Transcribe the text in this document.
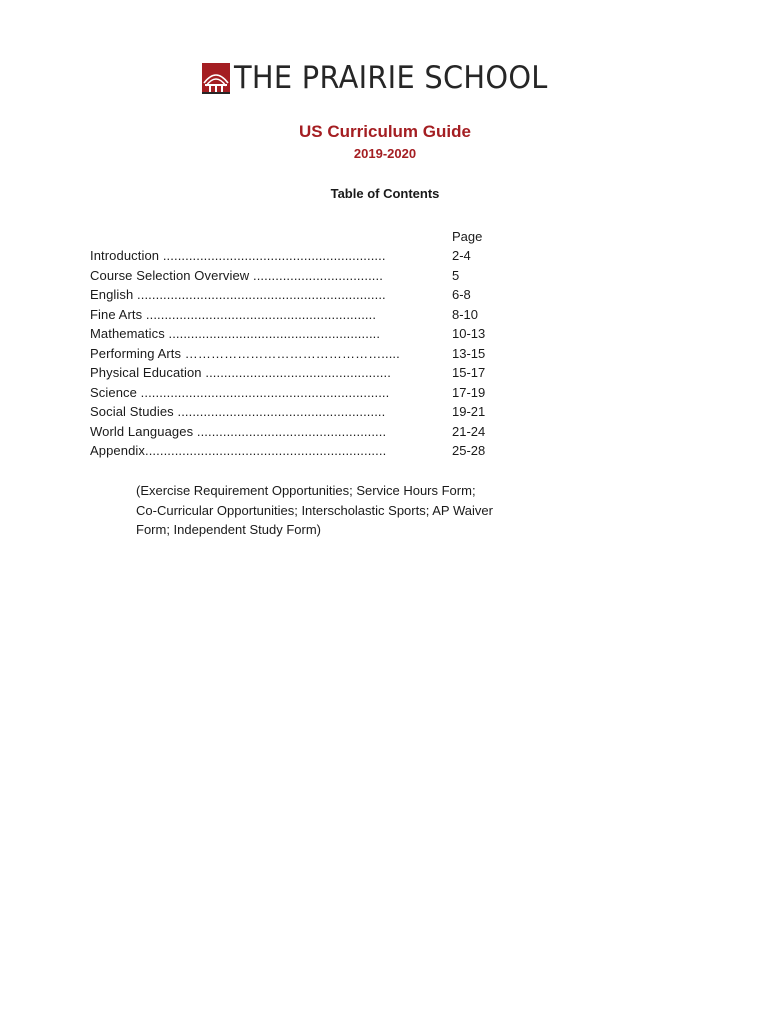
THE PRAIRIE SCHOOL
US Curriculum Guide
2019-2020
Table of Contents
Page
Introduction ............................................................	2-4
Course Selection Overview ...................................	5
English ...................................................................	6-8
Fine Arts ..............................................................	8-10
Mathematics .........................................................	10-13
Performing Arts ……………………………………….....	13-15
Physical Education ..................................................	15-17
Science ...................................................................	17-19
Social Studies ........................................................	19-21
World Languages ...................................................	21-24
Appendix.................................................................	25-28
(Exercise Requirement Opportunities; Service Hours Form;
Co-Curricular Opportunities; Interscholastic Sports; AP Waiver
Form; Independent Study Form)
